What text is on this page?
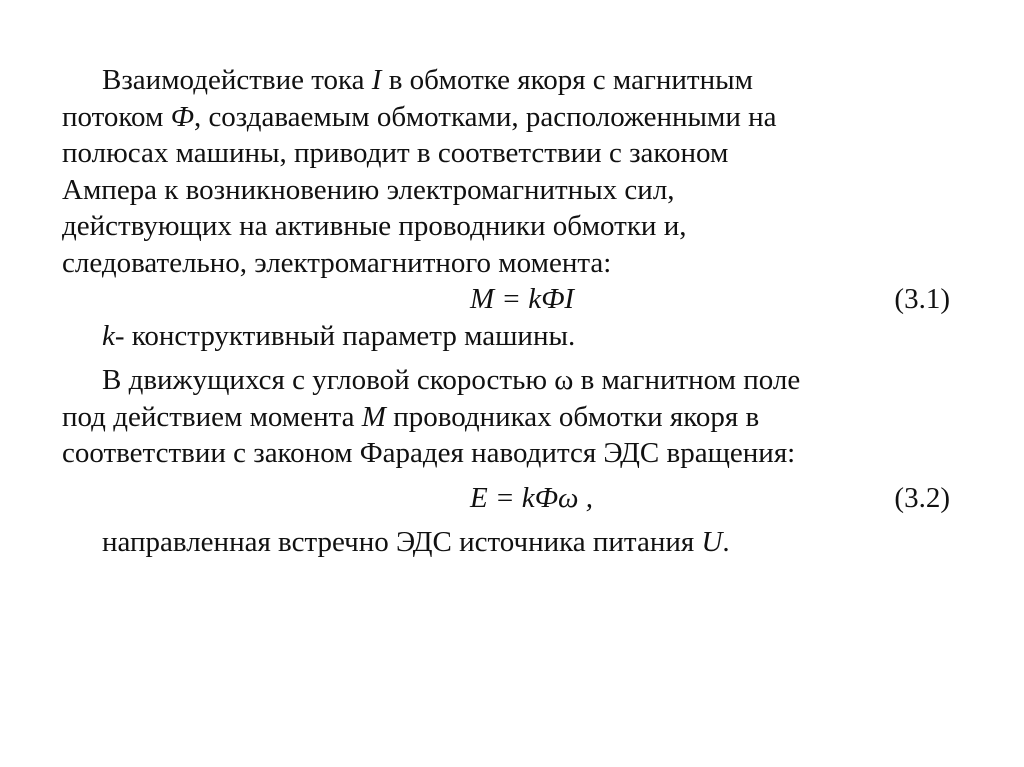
Взаимодействие тока I в обмотке якоря с магнитным
потоком Ф, создаваемым обмотками, расположенными на
полюсах машины, приводит в соответствии с законом
Ампера к возникновению электромагнитных сил,
действующих на активные проводники обмотки и,
следовательно, электромагнитного момента:
M = kФI	(3.1)
k- конструктивный параметр машины.
В движущихся с угловой скоростью ω в магнитном поле
под действием момента M проводниках обмотки якоря в
соответствии с законом Фарадея наводится ЭДС вращения:
E = kФω ,	(3.2)
направленная встречно ЭДС источника питания U.
